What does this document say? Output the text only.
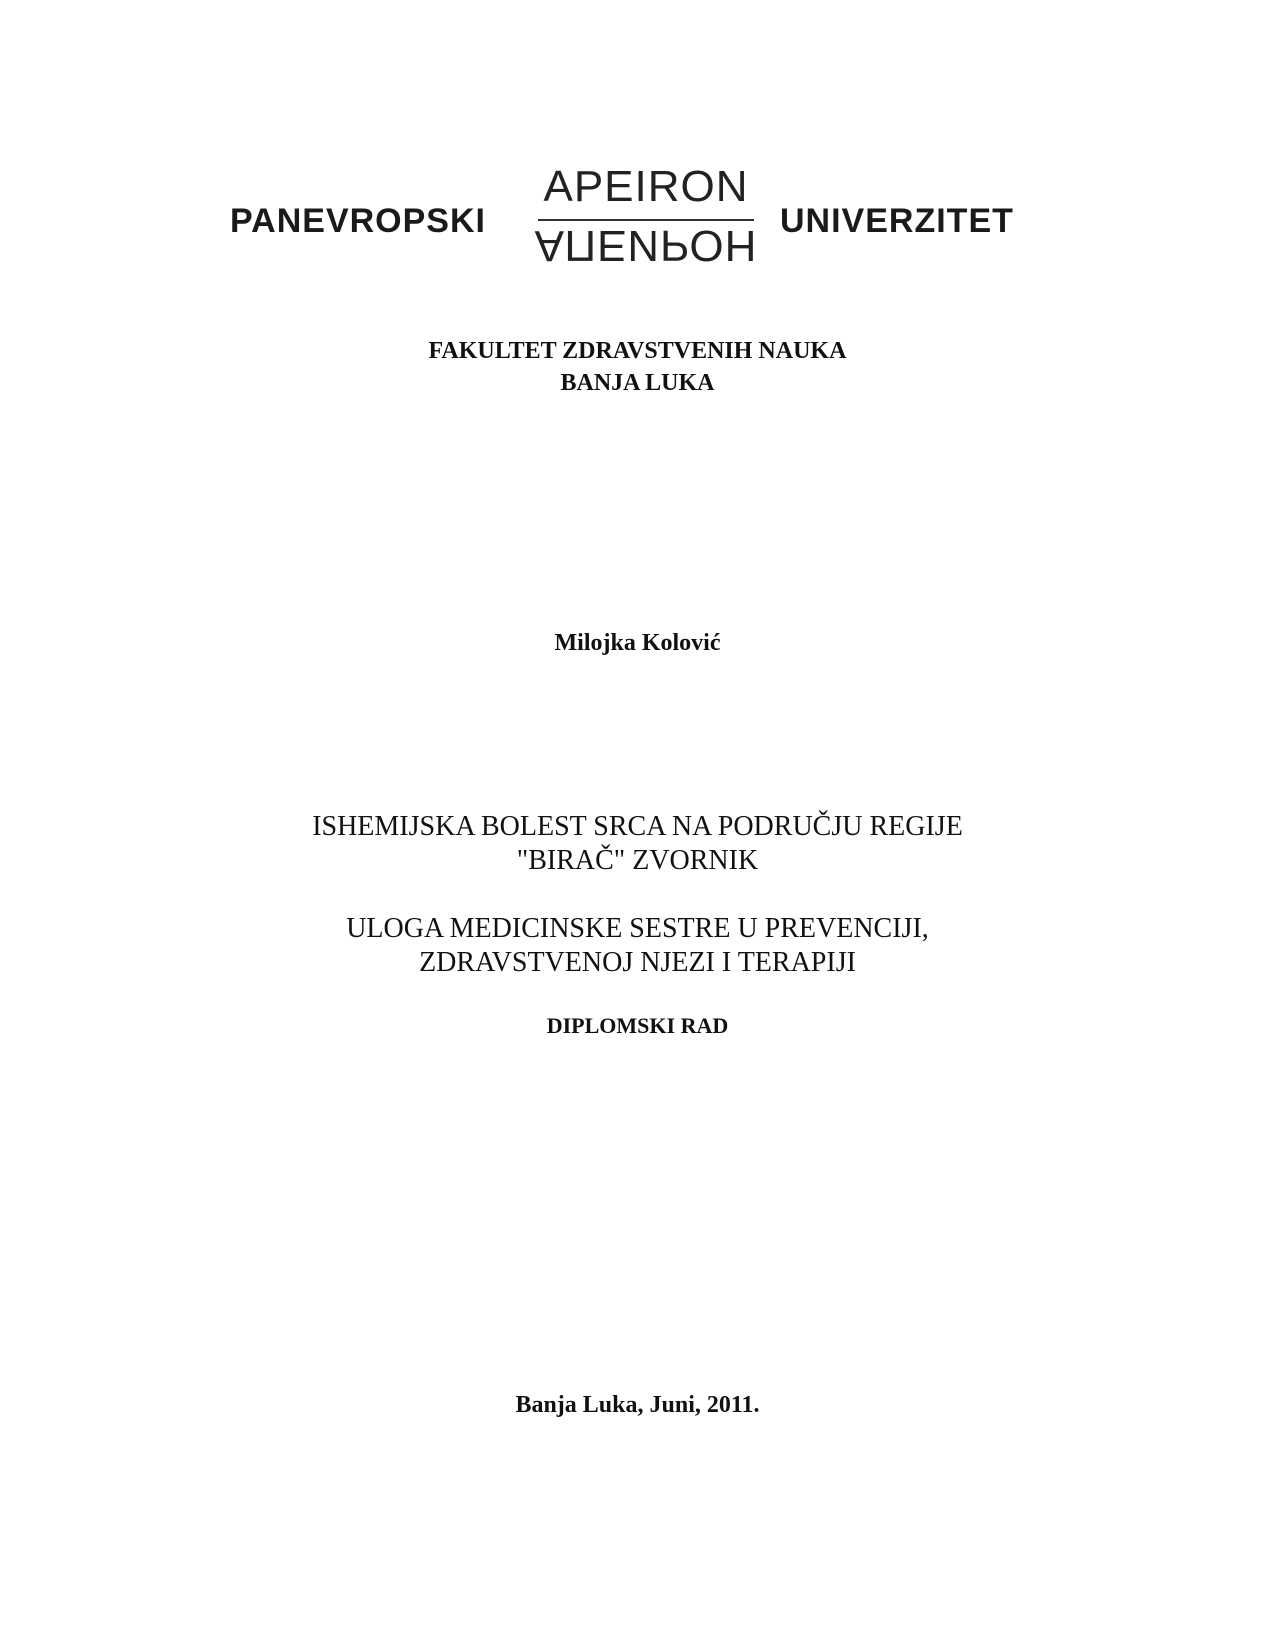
PANEVROPSKI
APEIRON
АПЕИРОН UNIVERZITET
FAKULTET ZDRAVSTVENIH NAUKA
BANJA LUKA
Milojka Kolović
ISHEMIJSKA BOLEST SRCA NA PODRUČJU REGIJE
"BIRAČ" ZVORNIK
ULOGA MEDICINSKE SESTRE U PREVENCIJI,
ZDRAVSTVENOJ NJEZI I TERAPIJI
DIPLOMSKI RAD
Banja Luka, Juni, 2011.
